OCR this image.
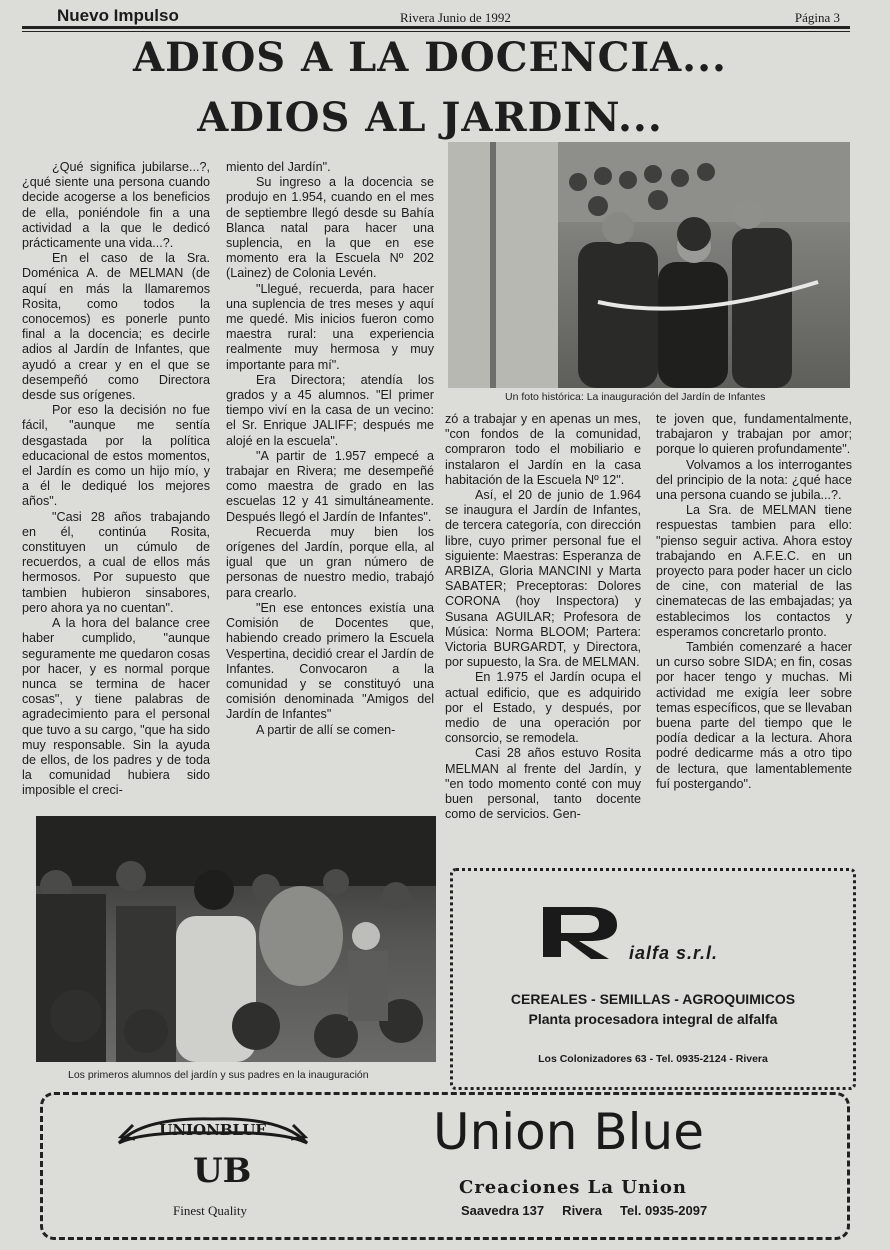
Nuevo Impulso	Rivera Junio de 1992	Página 3
ADIOS A LA DOCENCIA...
ADIOS AL JARDIN...

¿Qué significa jubilarse...?, ¿qué siente una persona cuando decide acogerse a los beneficios de ella, poniéndole fin a una actividad a la que le dedicó prácticamente una vida...?.

En el caso de la Sra. Doménica A. de MELMAN (de aquí en más la llamaremos Rosita, como todos la conocemos) es ponerle punto final a la docencia; es decirle adios al Jardín de Infantes, que ayudó a crear y en el que se desempeñó como Directora desde sus orígenes.

Por eso la decisión no fue fácil, "aunque me sentía desgastada por la política educacional de estos momentos, el Jardín es como un hijo mío, y a él le dediqué los mejores años".

"Casi 28 años trabajando en él, continúa Rosita, constituyen un cúmulo de recuerdos, a cual de ellos más hermosos. Por supuesto que tambien hubieron sinsabores, pero ahora ya no cuentan".

A la hora del balance cree haber cumplido, "aunque seguramente me quedaron cosas por hacer, y es normal porque nunca se termina de hacer cosas", y tiene palabras de agradecimiento para el personal que tuvo a su cargo, "que ha sido muy responsable. Sin la ayuda de ellos, de los padres y de toda la comunidad hubiera sido imposible el creci-

miento del Jardín".

Su ingreso a la docencia se produjo en 1.954, cuando en el mes de septiembre llegó desde su Bahía Blanca natal para hacer una suplencia, en la que en ese momento era la Escuela Nº 202 (Lainez) de Colonia Levén.

"Llegué, recuerda, para hacer una suplencia de tres meses y aquí me quedé. Mis inicios fueron como maestra rural: una experiencia realmente muy hermosa y muy importante para mí".

Era Directora; atendía los grados y a 45 alumnos. "El primer tiempo viví en la casa de un vecino: el Sr. Enrique JALIFF; después me alojé en la escuela".

"A partir de 1.957 empecé a trabajar en Rivera; me desempeñé como maestra de grado en las escuelas 12 y 41 simultáneamente. Después llegó el Jardín de Infantes".

Recuerda muy bien los orígenes del Jardín, porque ella, al igual que un gran número de personas de nuestro medio, trabajó para crearlo.

"En ese entonces existía una Comisión de Docentes que, habiendo creado primero la Escuela Vespertina, decidió crear el Jardín de Infantes. Convocaron a la comunidad y se constituyó una comisión denominada "Amigos del Jardín de Infantes"

A partir de allí se comen-

Un foto histórica: La inauguración del Jardín de Infantes

zó a trabajar y en apenas un mes, "con fondos de la comunidad, compraron todo el mobiliario e instalaron el Jardín en la casa habitación de la Escuela Nº 12".

Así, el 20 de junio de 1.964 se inaugura el Jardín de Infantes, de tercera categoría, con dirección libre, cuyo primer personal fue el siguiente: Maestras: Esperanza de ARBIZA, Gloria MANCINI y Marta SABATER; Preceptoras: Dolores CORONA (hoy Inspectora) y Susana AGUILAR; Profesora de Música: Norma BLOOM; Partera: Victoria BURGARDT, y Directora, por supuesto, la Sra. de MELMAN.

En 1.975 el Jardín ocupa el actual edificio, que es adquirido por el Estado, y después, por medio de una operación por consorcio, se remodela.

Casi 28 años estuvo Rosita MELMAN al frente del Jardín, y "en todo momento conté con muy buen personal, tanto docente como de servicios. Gen-

te joven que, fundamentalmente, trabajaron y trabajan por amor; porque lo quieren profundamente".

Volvamos a los interrogantes del principio de la nota: ¿qué hace una persona cuando se jubila...?.

La Sra. de MELMAN tiene respuestas tambien para ello: "pienso seguir activa. Ahora estoy trabajando en A.F.E.C. en un proyecto para poder hacer un ciclo de cine, con material de las cinematecas de las embajadas; ya establecimos los contactos y esperamos concretarlo pronto.

También comenzaré a hacer un curso sobre SIDA; en fin, cosas por hacer tengo y muchas. Mi actividad me exigía leer sobre temas específicos, que se llevaban buena parte del tiempo que le podía dedicar a la lectura. Ahora podré dedicarme más a otro tipo de lectura, que lamentablemente fuí postergando".

Los primeros alumnos del jardín y sus padres en la inauguración
ialfa s.r.l.
CEREALES - SEMILLAS - AGROQUIMICOS
Planta procesadora integral de alfalfa
Los Colonizadores 63 - Tel. 0935-2124 - Rivera
UNIONBLUE
UB
Finest Quality
Union Blue
Creaciones La Union
Saavedra 137     Rivera     Tel. 0935-2097
